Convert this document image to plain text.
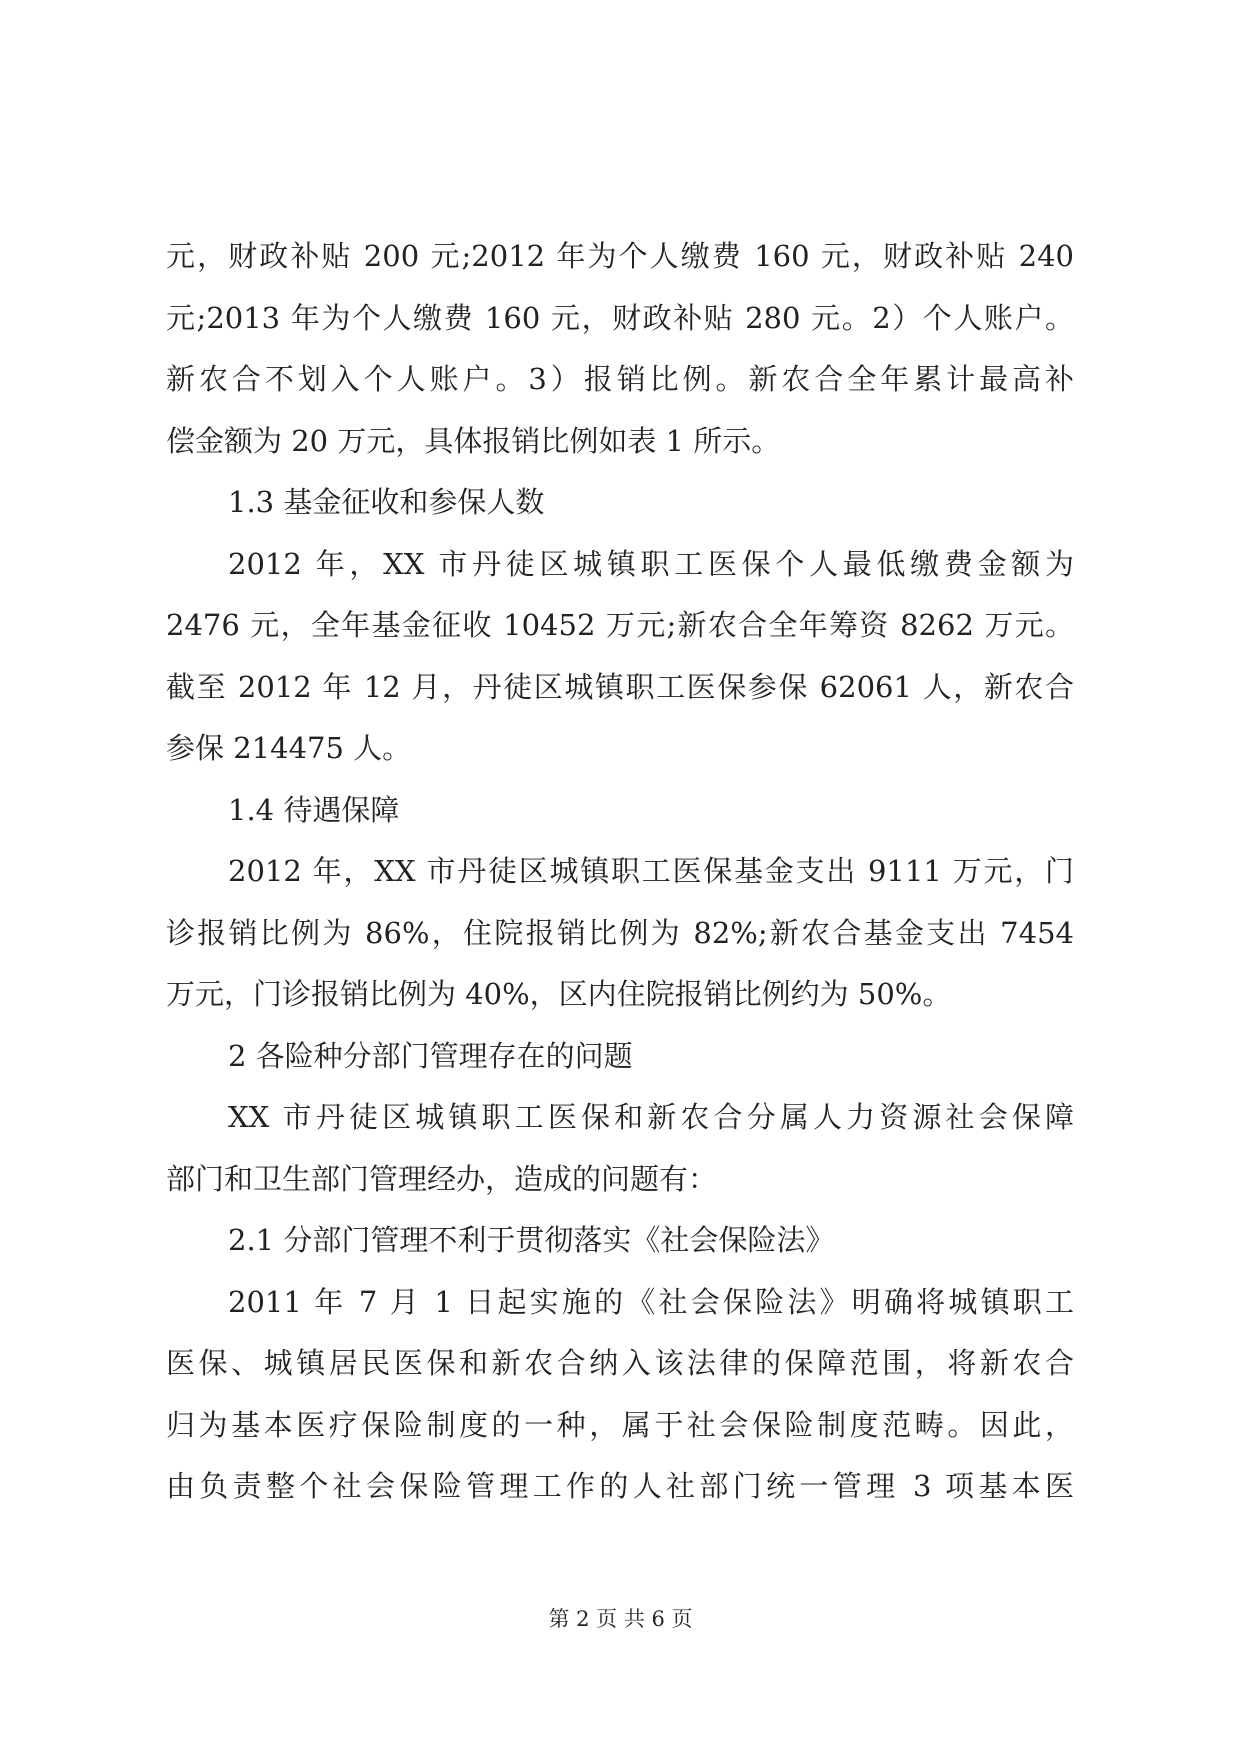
元，财政补贴 200 元;2012 年为个人缴费 160 元，财政补贴 240
元;2013 年为个人缴费 160 元，财政补贴 280 元。2）个人账户。
新农合不划入个人账户。3）报销比例。新农合全年累计最高补
偿金额为 20 万元，具体报销比例如表 1 所示。
1.3 基金征收和参保人数
2012 年，XX 市丹徒区城镇职工医保个人最低缴费金额为
2476 元，全年基金征收 10452 万元;新农合全年筹资 8262 万元。
截至 2012 年 12 月，丹徒区城镇职工医保参保 62061 人，新农合
参保 214475 人。
1.4 待遇保障
2012 年，XX 市丹徒区城镇职工医保基金支出 9111 万元，门
诊报销比例为 86%，住院报销比例为 82%;新农合基金支出 7454
万元，门诊报销比例为 40%，区内住院报销比例约为 50%。
2 各险种分部门管理存在的问题
XX 市丹徒区城镇职工医保和新农合分属人力资源社会保障
部门和卫生部门管理经办，造成的问题有：
2.1 分部门管理不利于贯彻落实《社会保险法》
2011 年 7 月 1 日起实施的《社会保险法》明确将城镇职工
医保、城镇居民医保和新农合纳入该法律的保障范围，将新农合
归为基本医疗保险制度的一种，属于社会保险制度范畴。因此，
由负责整个社会保险管理工作的人社部门统一管理 3 项基本医
第 2 页 共 6 页
